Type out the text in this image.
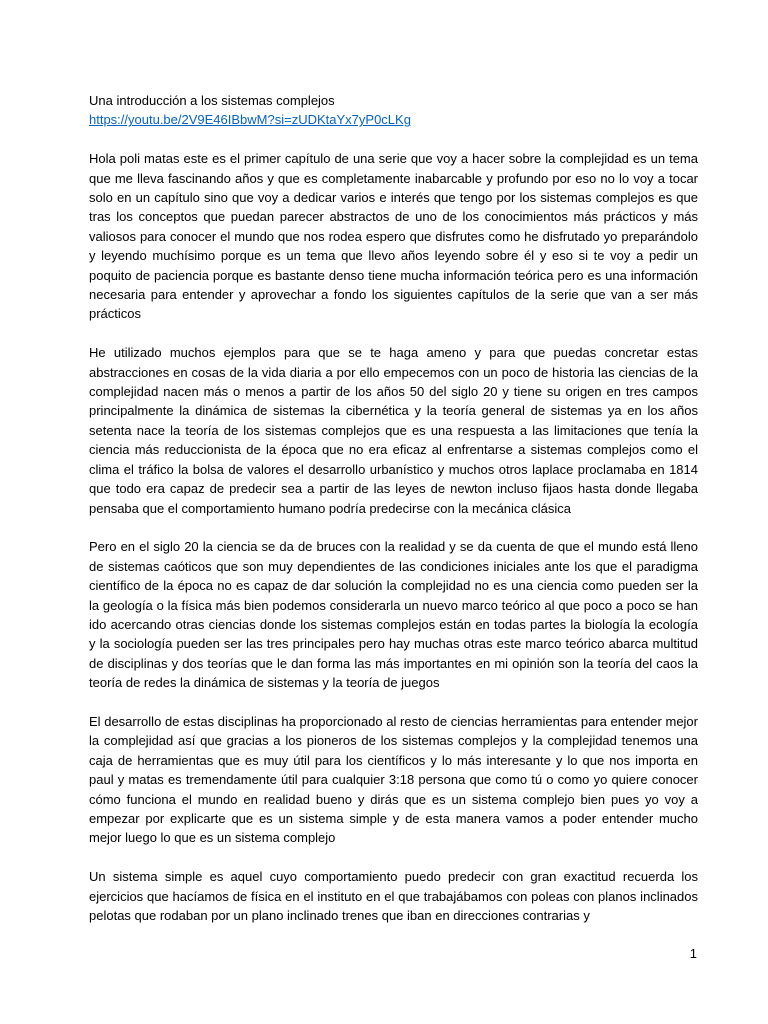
Una introducción a los sistemas complejos

https://youtu.be/2V9E46IBbwM?si=zUDKtaYx7yP0cLKg

Hola poli matas este es el primer capítulo de una serie que voy a hacer sobre la complejidad es un tema que me lleva fascinando años y que es completamente inabarcable y profundo por eso no lo voy a tocar solo en un capítulo sino que voy a dedicar varios e interés que tengo por los sistemas complejos es que tras los conceptos que puedan parecer abstractos de uno de los conocimientos más prácticos y más valiosos para conocer el mundo que nos rodea espero que disfrutes como he disfrutado yo preparándolo y leyendo muchísimo porque es un tema que llevo años leyendo sobre él y eso si te voy a pedir un poquito de paciencia porque es bastante denso tiene mucha información teórica pero es una información necesaria para entender y aprovechar a fondo los siguientes capítulos de la serie que van a ser más prácticos

He utilizado muchos ejemplos para que se te haga ameno y para que puedas concretar estas abstracciones en cosas de la vida diaria a por ello empecemos con un poco de historia las ciencias de la complejidad nacen más o menos a partir de los años 50 del siglo 20 y tiene su origen en tres campos principalmente la dinámica de sistemas la cibernética y la teoría general de sistemas ya en los años setenta nace la teoría de los sistemas complejos que es una respuesta a las limitaciones que tenía la ciencia más reduccionista de la época que no era eficaz al enfrentarse a sistemas complejos como el clima el tráfico la bolsa de valores el desarrollo urbanístico y muchos otros laplace proclamaba en 1814 que todo era capaz de predecir sea a partir de las leyes de newton incluso fijaos hasta donde llegaba pensaba que el comportamiento humano podría predecirse con la mecánica clásica

Pero en el siglo 20 la ciencia se da de bruces con la realidad y se da cuenta de que el mundo está lleno de sistemas caóticos que son muy dependientes de las condiciones iniciales ante los que el paradigma científico de la época no es capaz de dar solución la complejidad no es una ciencia como pueden ser la la geología o la física más bien podemos considerarla un nuevo marco teórico al que poco a poco se han ido acercando otras ciencias donde los sistemas complejos están en todas partes la biología la ecología y la sociología pueden ser las tres principales pero hay muchas otras este marco teórico abarca multitud de disciplinas y dos teorías que le dan forma las más importantes en mi opinión son la teoría del caos la teoría de redes la dinámica de sistemas y la teoría de juegos

El desarrollo de estas disciplinas ha proporcionado al resto de ciencias herramientas para entender mejor la complejidad así que gracias a los pioneros de los sistemas complejos y la complejidad tenemos una caja de herramientas que es muy útil para los científicos y lo más interesante y lo que nos importa en paul y matas es tremendamente útil para cualquier 3:18 persona que como tú o como yo quiere conocer cómo funciona el mundo en realidad bueno y dirás que es un sistema complejo bien pues yo voy a empezar por explicarte que es un sistema simple y de esta manera vamos a poder entender mucho mejor luego lo que es un sistema complejo

Un sistema simple es aquel cuyo comportamiento puedo predecir con gran exactitud recuerda los ejercicios que hacíamos de física en el instituto en el que trabajábamos con poleas con planos inclinados pelotas que rodaban por un plano inclinado trenes que iban en direcciones contrarias y

1
